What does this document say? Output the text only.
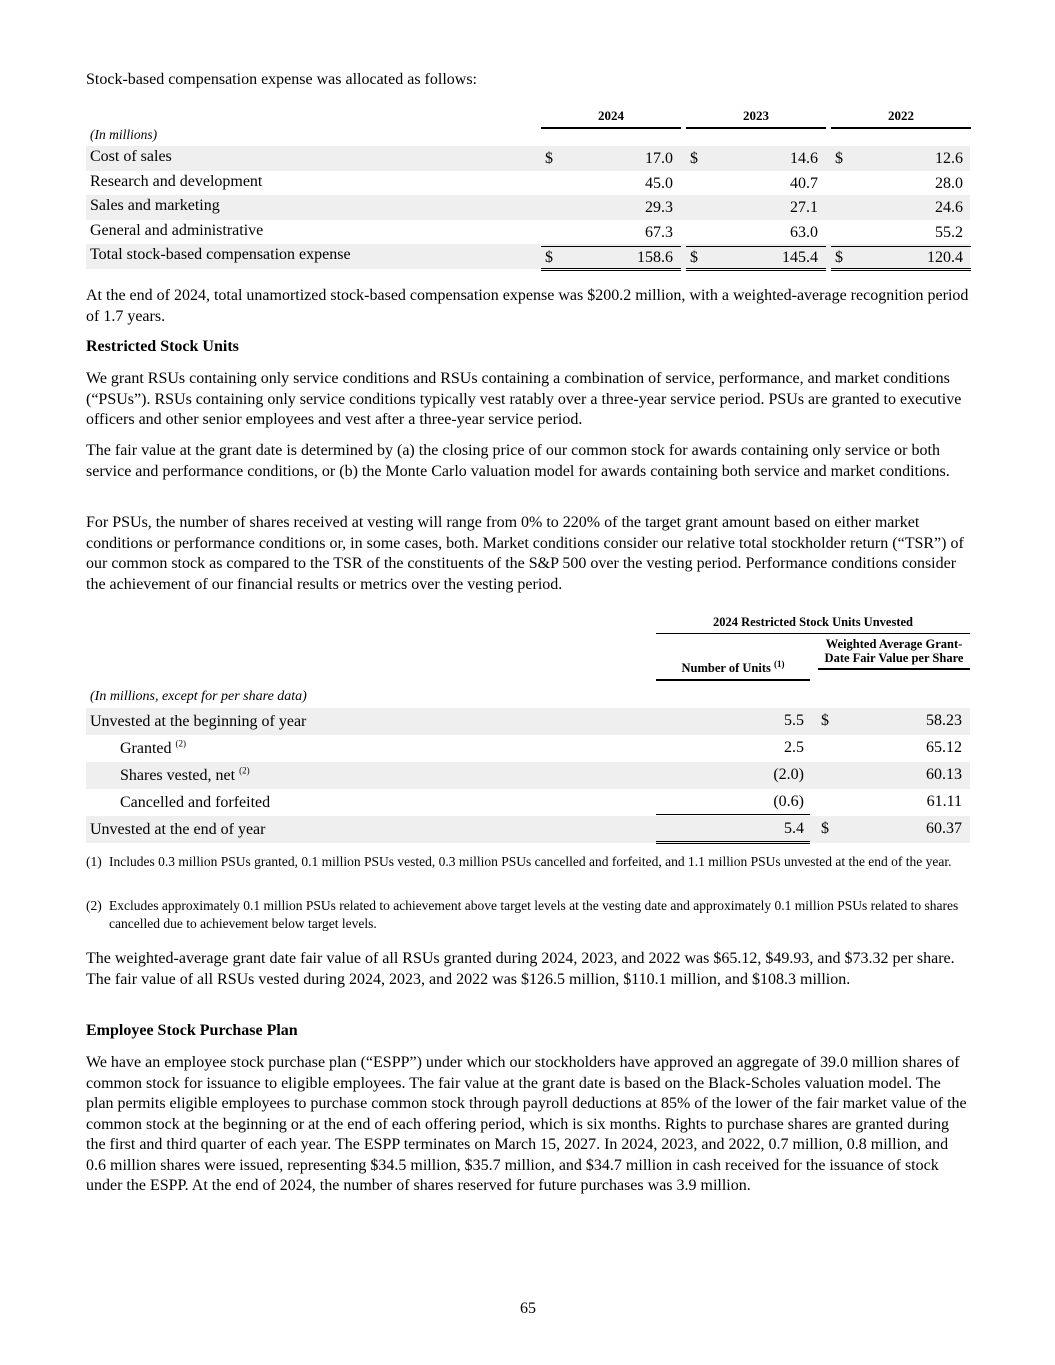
Stock-based compensation expense was allocated as follows:

2024	2023	2022
(In millions)
Cost of sales	$	17.0 $	14.6 $	12.6
Research and development	45.0	40.7	28.0
Sales and marketing	29.3	27.1	24.6
General and administrative	67.3	63.0	55.2
Total stock-based compensation expense	$	158.6 $	145.4 $	120.4

At the end of 2024, total unamortized stock-based compensation expense was $200.2 million, with a weighted-average recognition period of 1.7 years.

Restricted Stock Units

We grant RSUs containing only service conditions and RSUs containing a combination of service, performance, and market conditions (“PSUs”). RSUs containing only service conditions typically vest ratably over a three-year service period. PSUs are granted to executive officers and other senior employees and vest after a three-year service period.

The fair value at the grant date is determined by (a) the closing price of our common stock for awards containing only service or both service and performance conditions, or (b) the Monte Carlo valuation model for awards containing both service and market conditions.

For PSUs, the number of shares received at vesting will range from 0% to 220% of the target grant amount based on either market conditions or performance conditions or, in some cases, both. Market conditions consider our relative total stockholder return (“TSR”) of our common stock as compared to the TSR of the constituents of the S&P 500 over the vesting period. Performance conditions consider the achievement of our financial results or metrics over the vesting period.

2024 Restricted Stock Units Unvested
Weighted Average Grant-Date Fair Value per Share
Number of Units $^{(1)}$
(In millions, except for per share data)
Unvested at the beginning of year	5.5 $	58.23
Granted $^{(2)}$	2.5	65.12
Shares vested, net $^{(2)}$	(2.0)	60.13
Cancelled and forfeited	(0.6)	61.11
Unvested at the end of year	5.4 $	60.37
(1) Includes 0.3 million PSUs granted, 0.1 million PSUs vested, 0.3 million PSUs cancelled and forfeited, and 1.1 million PSUs unvested at the end of the year.
(2) Excludes approximately 0.1 million PSUs related to achievement above target levels at the vesting date and approximately 0.1 million PSUs related to shares cancelled due to achievement below target levels.

The weighted-average grant date fair value of all RSUs granted during 2024, 2023, and 2022 was $65.12, $49.93, and $73.32 per share. The fair value of all RSUs vested during 2024, 2023, and 2022 was $126.5 million, $110.1 million, and $108.3 million.

Employee Stock Purchase Plan

We have an employee stock purchase plan (“ESPP”) under which our stockholders have approved an aggregate of 39.0 million shares of common stock for issuance to eligible employees. The fair value at the grant date is based on the Black-Scholes valuation model. The plan permits eligible employees to purchase common stock through payroll deductions at 85% of the lower of the fair market value of the common stock at the beginning or at the end of each offering period, which is six months. Rights to purchase shares are granted during the first and third quarter of each year. The ESPP terminates on March 15, 2027. In 2024, 2023, and 2022, 0.7 million, 0.8 million, and 0.6 million shares were issued, representing $34.5 million, $35.7 million, and $34.7 million in cash received for the issuance of stock under the ESPP. At the end of 2024, the number of shares reserved for future purchases was 3.9 million.

65
